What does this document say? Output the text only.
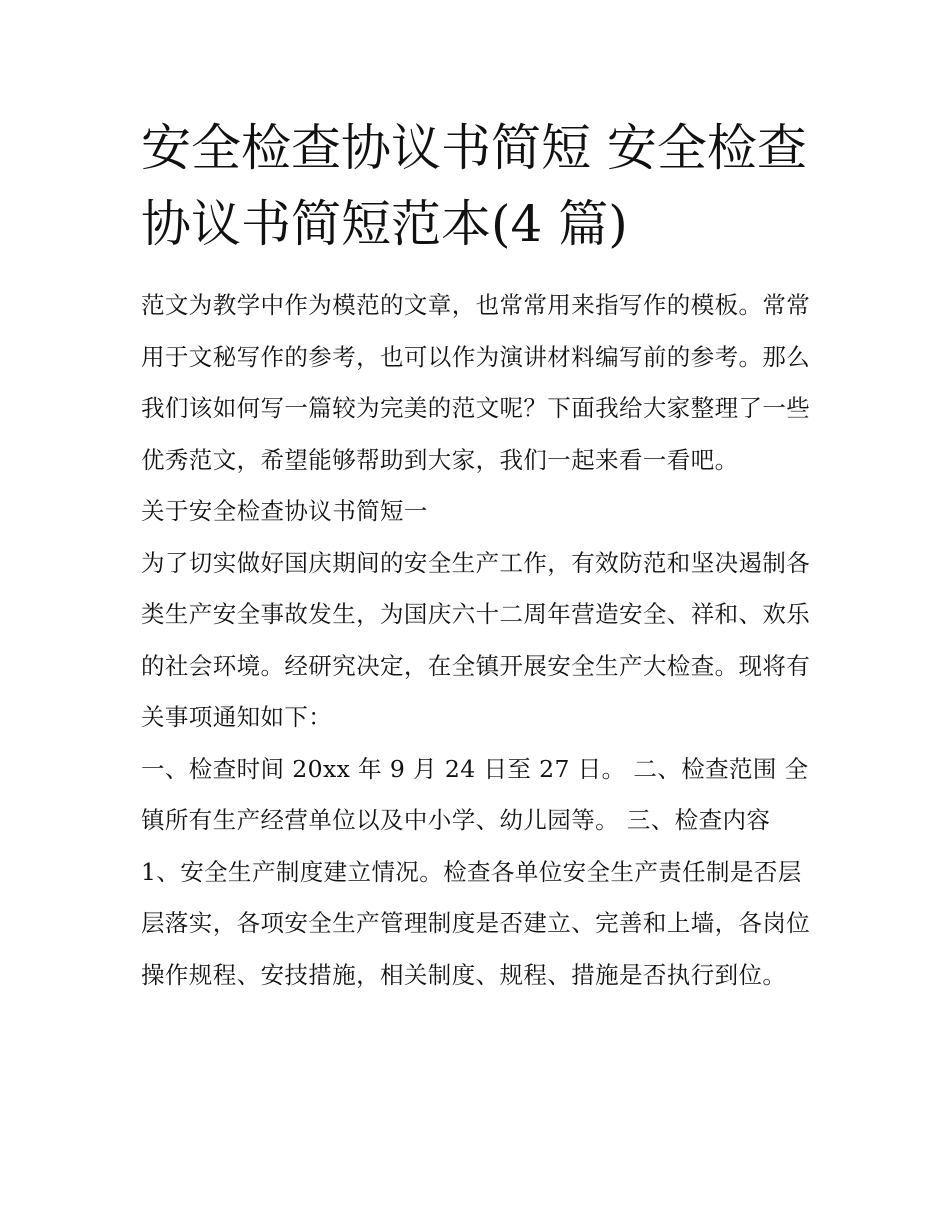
安全检查协议书简短 安全检查协议书简短范本(4 篇)

范文为教学中作为模范的文章，也常常用来指写作的模板。常常用于文秘写作的参考，也可以作为演讲材料编写前的参考。那么我们该如何写一篇较为完美的范文呢？下面我给大家整理了一些优秀范文，希望能够帮助到大家，我们一起来看一看吧。

关于安全检查协议书简短一

为了切实做好国庆期间的安全生产工作，有效防范和坚决遏制各类生产安全事故发生，为国庆六十二周年营造安全、祥和、欢乐的社会环境。经研究决定，在全镇开展安全生产大检查。现将有关事项通知如下：

一、检查时间 20xx 年 9 月 24 日至 27 日。 二、检查范围 全镇所有生产经营单位以及中小学、幼儿园等。 三、检查内容

1、安全生产制度建立情况。检查各单位安全生产责任制是否层层落实，各项安全生产管理制度是否建立、完善和上墙，各岗位操作规程、安技措施，相关制度、规程、措施是否执行到位。
